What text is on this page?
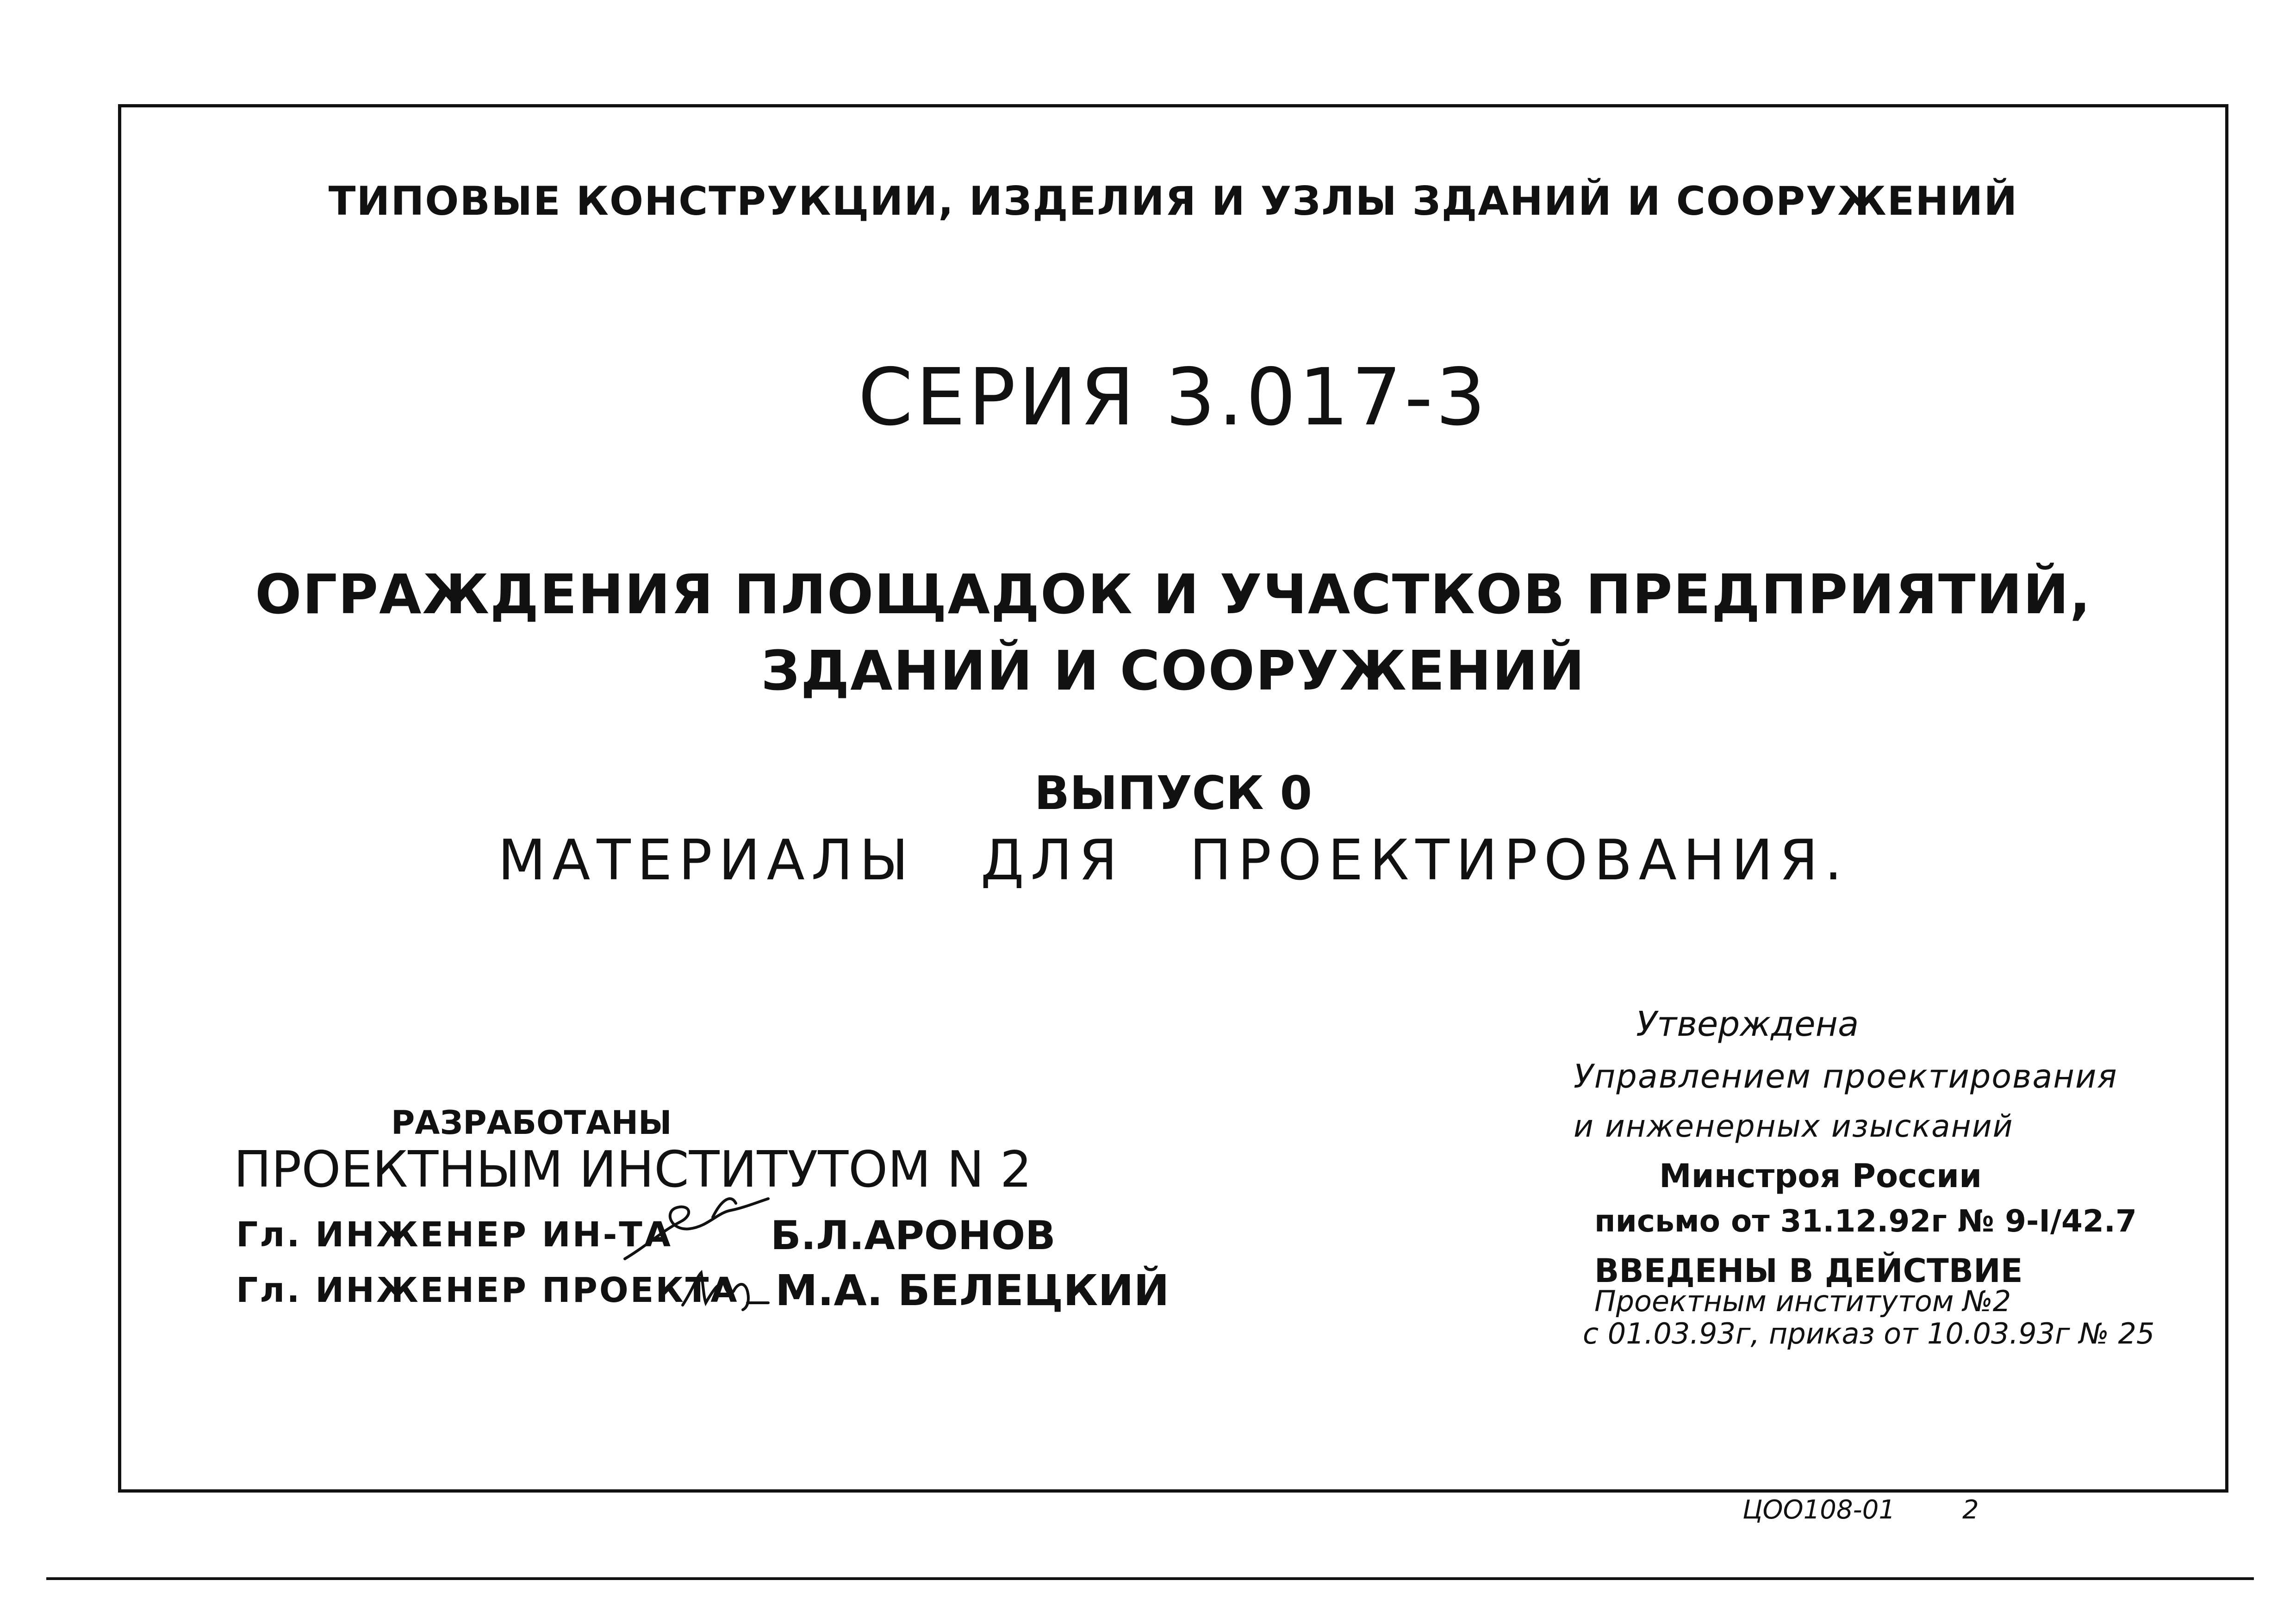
ТИПОВЫЕ КОНСТРУКЦИИ, ИЗДЕЛИЯ И УЗЛЫ ЗДАНИЙ И СООРУЖЕНИЙ
СЕРИЯ 3.017-3
ОГРАЖДЕНИЯ ПЛОЩАДОК И УЧАСТКОВ ПРЕДПРИЯТИЙ,
ЗДАНИЙ И СООРУЖЕНИЙ
ВЫПУСК 0
МАТЕРИАЛЫ ДЛЯ ПРОЕКТИРОВАНИЯ.
РАЗРАБОТАНЫ
ПРОЕКТНЫМ ИНСТИТУТОМ N 2
Гл. ИНЖЕНЕР ИН-ТА Б.Л.АРОНОВ
Гл. ИНЖЕНЕР ПРОЕКТА М.А. БЕЛЕЦКИЙ
Утверждена
Управлением проектирования
и инженерных изысканий
Минстроя России
письмо от 31.12.92г № 9-I/42.7
ВВЕДЕНЫ В ДЕЙСТВИЕ
Проектным институтом №2
с 01.03.93г, приказ от 10.03.93г № 25
ЦОО108-01	2
